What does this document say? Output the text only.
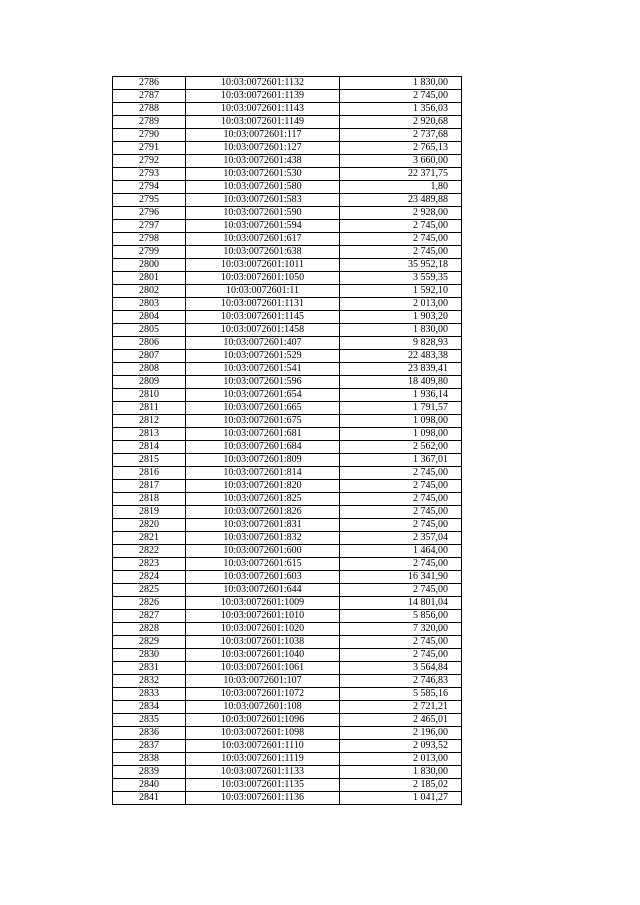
2786	10:03:0072601:1132	1 830,00
2787	10:03:0072601:1139	2 745,00
2788	10:03:0072601:1143	1 356,03
2789	10:03:0072601:1149	2 920,68
2790	10:03:0072601:117	2 737,68
2791	10:03:0072601:127	2 765,13
2792	10:03:0072601:438	3 660,00
2793	10:03:0072601:530	22 371,75
2794	10:03:0072601:580	1,80
2795	10:03:0072601:583	23 489,88
2796	10:03:0072601:590	2 928,00
2797	10:03:0072601:594	2 745,00
2798	10:03:0072601:617	2 745,00
2799	10:03:0072601:638	2 745,00
2800	10:03:0072601:1011	35 952,18
2801	10:03:0072601:1050	3 559,35
2802	10:03:0072601:11	1 592,10
2803	10:03:0072601:1131	2 013,00
2804	10:03:0072601:1145	1 903,20
2805	10:03:0072601:1458	1 830,00
2806	10:03:0072601:407	9 828,93
2807	10:03:0072601:529	22 483,38
2808	10:03:0072601:541	23 839,41
2809	10:03:0072601:596	18 409,80
2810	10:03:0072601:654	1 936,14
2811	10:03:0072601:665	1 791,57
2812	10:03:0072601:675	1 098,00
2813	10:03:0072601:681	1 098,00
2814	10:03:0072601:684	2 562,00
2815	10:03:0072601:809	1 367,01
2816	10:03:0072601:814	2 745,00
2817	10:03:0072601:820	2 745,00
2818	10:03:0072601:825	2 745,00
2819	10:03:0072601:826	2 745,00
2820	10:03:0072601:831	2 745,00
2821	10:03:0072601:832	2 357,04
2822	10:03:0072601:600	1 464,00
2823	10:03:0072601:615	2 745,00
2824	10:03:0072601:603	16 341,90
2825	10:03:0072601:644	2 745,00
2826	10:03:0072601:1009	14 801,04
2827	10:03:0072601:1010	5 856,00
2828	10:03:0072601:1020	7 320,00
2829	10:03:0072601:1038	2 745,00
2830	10:03:0072601:1040	2 745,00
2831	10:03:0072601:1061	3 564,84
2832	10:03:0072601:107	2 746,83
2833	10:03:0072601:1072	5 585,16
2834	10:03:0072601:108	2 721,21
2835	10:03:0072601:1096	2 465,01
2836	10:03:0072601:1098	2 196,00
2837	10:03:0072601:1110	2 093,52
2838	10:03:0072601:1119	2 013,00
2839	10:03:0072601:1133	1 830,00
2840	10:03:0072601:1135	2 185,02
2841	10:03:0072601:1136	1 041,27
